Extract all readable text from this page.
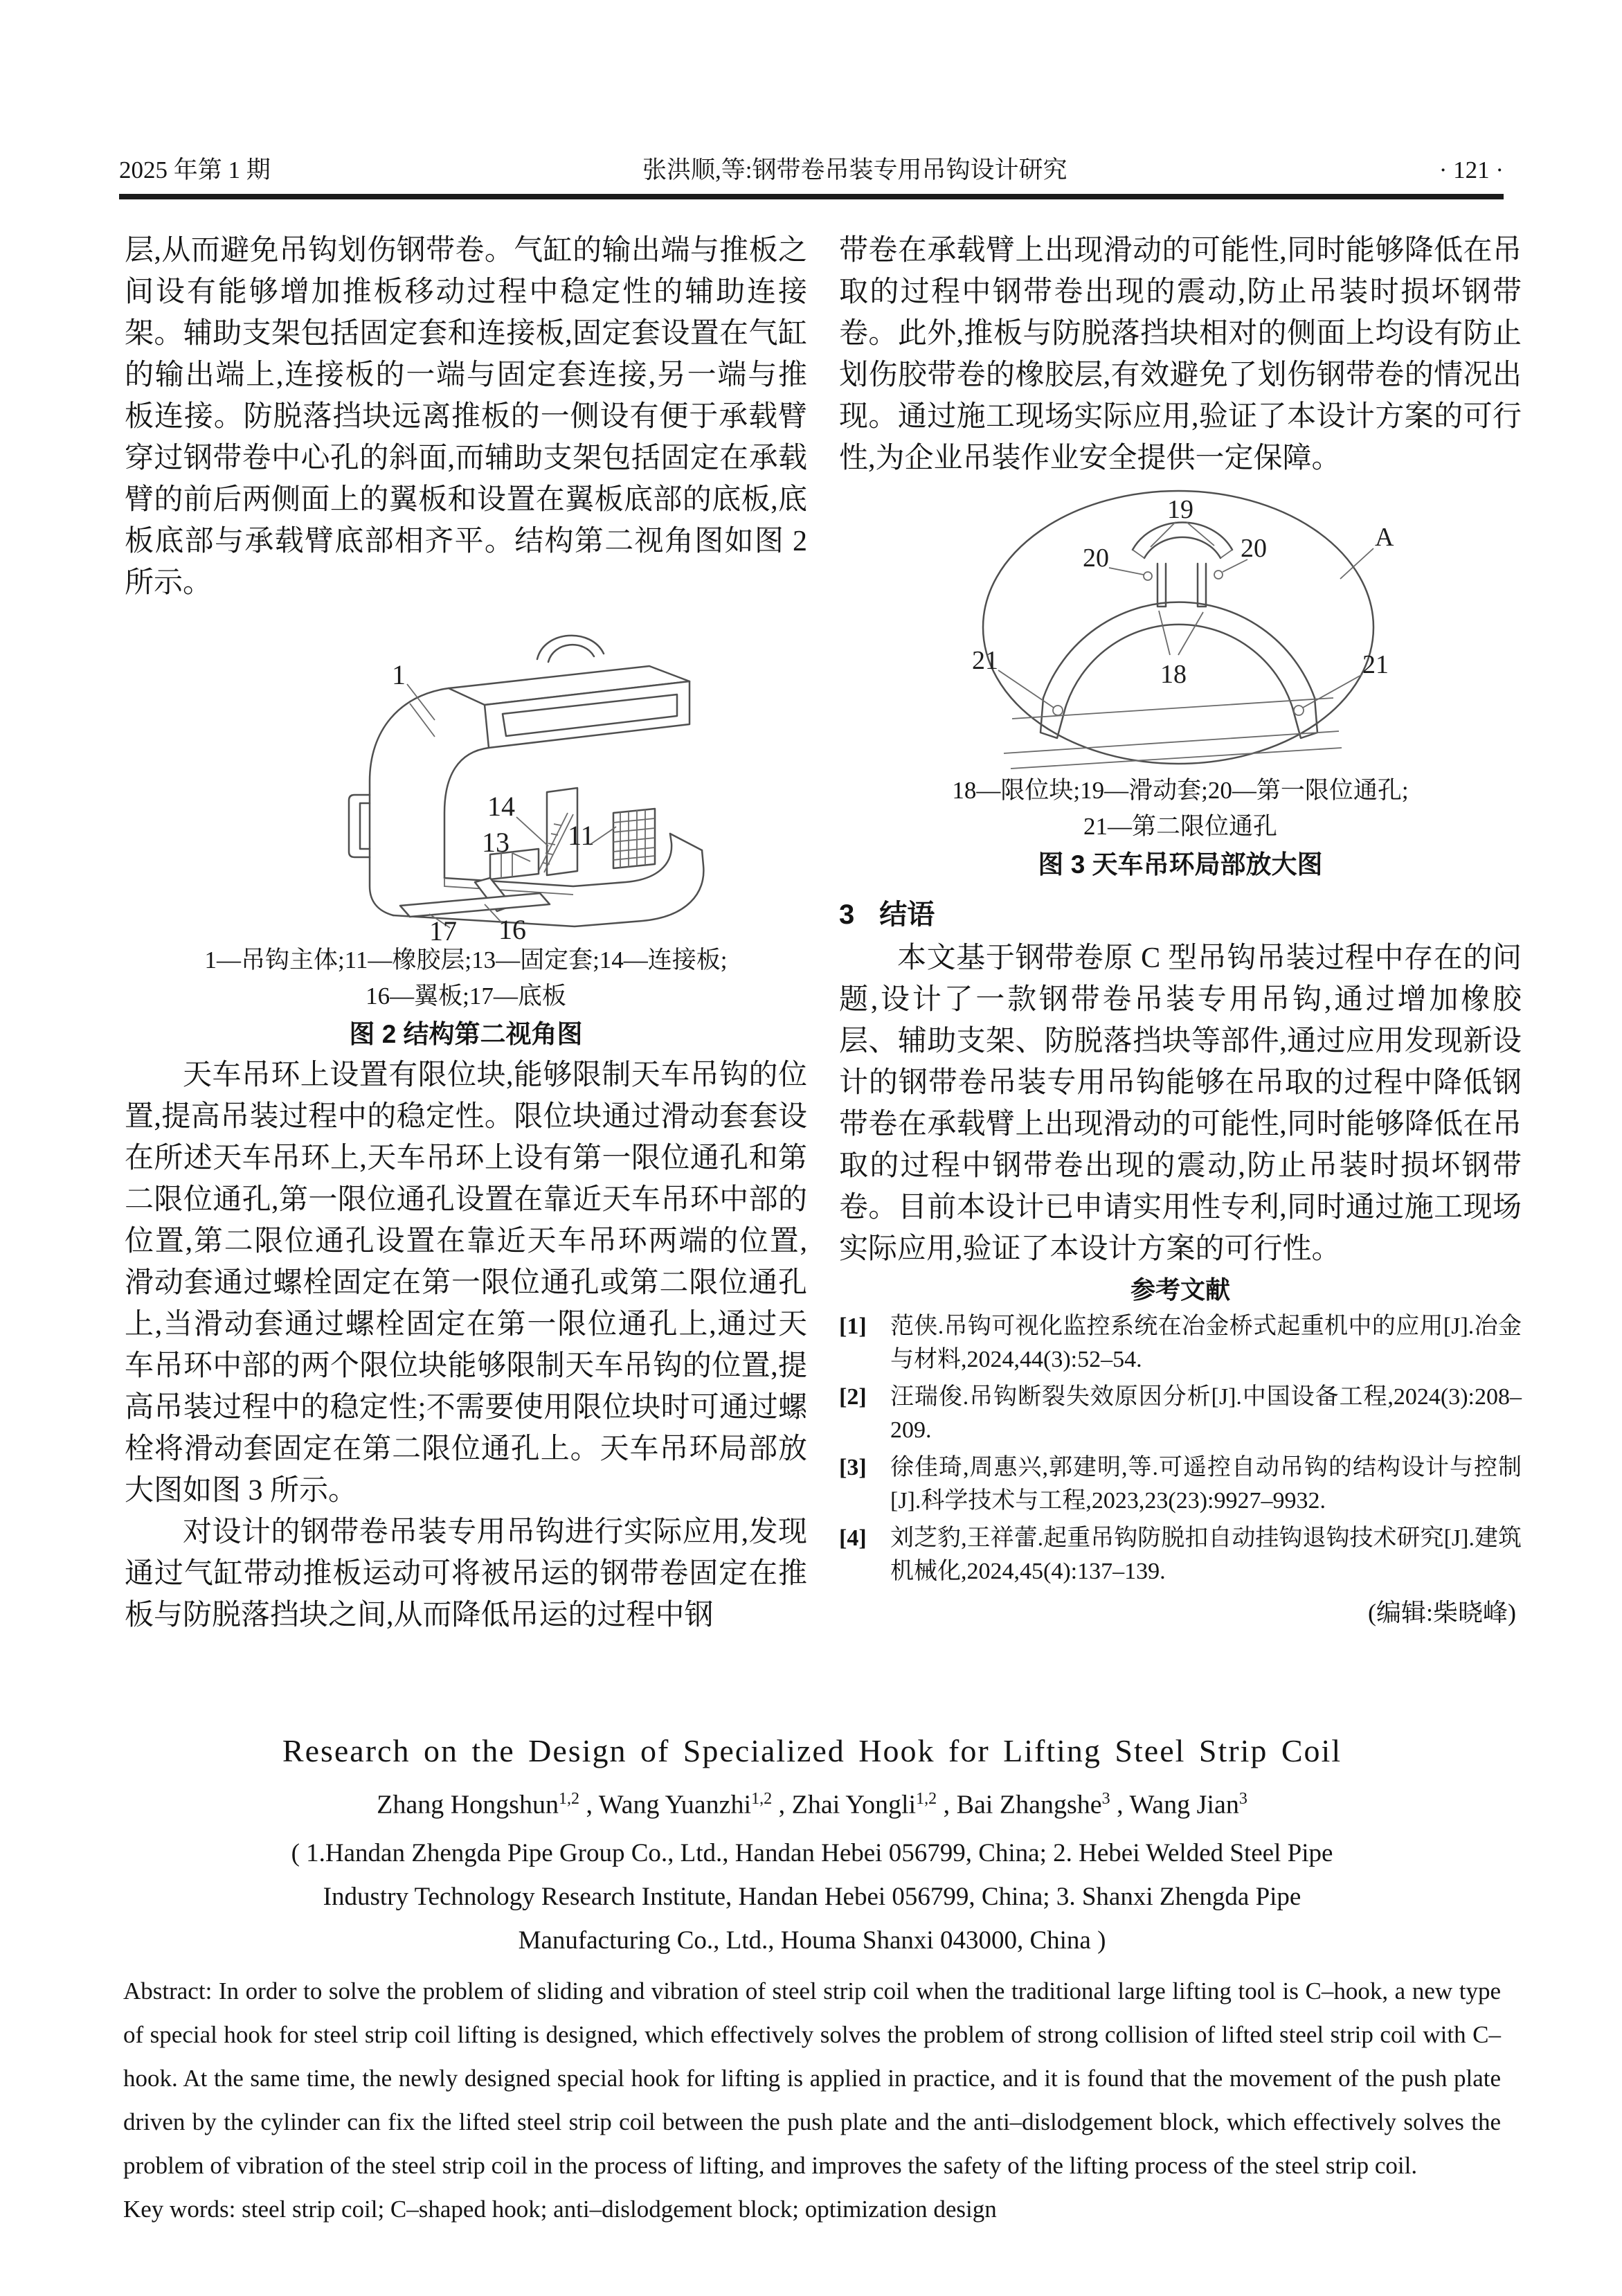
2025 年第 1 期	张洪顺,等:钢带卷吊装专用吊钩设计研究	· 121 ·

层,从而避免吊钩划伤钢带卷。气缸的输出端与推板之间设有能够增加推板移动过程中稳定性的辅助连接架。辅助支架包括固定套和连接板,固定套设置在气缸的输出端上,连接板的一端与固定套连接,另一端与推板连接。防脱落挡块远离推板的一侧设有便于承载臂穿过钢带卷中心孔的斜面,而辅助支架包括固定在承载臂的前后两侧面上的翼板和设置在翼板底部的底板,底板底部与承载臂底部相齐平。结构第二视角图如图 2 所示。

1
14
13 11
16
17
1—吊钩主体;11—橡胶层;13—固定套;14—连接板;
16—翼板;17—底板
图 2 结构第二视角图

天车吊环上设置有限位块,能够限制天车吊钩的位置,提高吊装过程中的稳定性。限位块通过滑动套套设在所述天车吊环上,天车吊环上设有第一限位通孔和第二限位通孔,第一限位通孔设置在靠近天车吊环中部的位置,第二限位通孔设置在靠近天车吊环两端的位置,滑动套通过螺栓固定在第一限位通孔或第二限位通孔上,当滑动套通过螺栓固定在第一限位通孔上,通过天车吊环中部的两个限位块能够限制天车吊钩的位置,提高吊装过程中的稳定性;不需要使用限位块时可通过螺栓将滑动套固定在第二限位通孔上。天车吊环局部放大图如图 3 所示。

对设计的钢带卷吊装专用吊钩进行实际应用,发现通过气缸带动推板运动可将被吊运的钢带卷固定在推板与防脱落挡块之间,从而降低吊运的过程中钢

带卷在承载臂上出现滑动的可能性,同时能够降低在吊取的过程中钢带卷出现的震动,防止吊装时损坏钢带卷。此外,推板与防脱落挡块相对的侧面上均设有防止划伤胶带卷的橡胶层,有效避免了划伤钢带卷的情况出现。通过施工现场实际应用,验证了本设计方案的可行性,为企业吊装作业安全提供一定保障。

19
20	20	A
21	21
18
18—限位块;19—滑动套;20—第一限位通孔;
21—第二限位通孔
图 3 天车吊环局部放大图
3 结语

本文基于钢带卷原 C 型吊钩吊装过程中存在的问题,设计了一款钢带卷吊装专用吊钩,通过增加橡胶层、辅助支架、防脱落挡块等部件,通过应用发现新设计的钢带卷吊装专用吊钩能够在吊取的过程中降低钢带卷在承载臂上出现滑动的可能性,同时能够降低在吊取的过程中钢带卷出现的震动,防止吊装时损坏钢带卷。目前本设计已申请实用性专利,同时通过施工现场实际应用,验证了本设计方案的可行性。

参考文献
[1] 范侠.吊钩可视化监控系统在冶金桥式起重机中的应用[J].冶金与材料,2024,44(3):52–54.
[2] 汪瑞俊.吊钩断裂失效原因分析[J].中国设备工程,2024(3):208–209.
[3] 徐佳琦,周惠兴,郭建明,等.可遥控自动吊钩的结构设计与控制[J].科学技术与工程,2023,23(23):9927–9932.
[4] 刘芝豹,王祥蕾.起重吊钩防脱扣自动挂钩退钩技术研究[J].建筑机械化,2024,45(4):137–139.
(编辑:柴晓峰)
Research on the Design of Specialized Hook for Lifting Steel Strip Coil
Zhang Hongshun$^{1,2}$ , Wang Yuanzhi$^{1,2}$ , Zhai Yongli$^{1,2}$ , Bai Zhangshe$^3$ , Wang Jian$^3$
( 1.Handan Zhengda Pipe Group Co., Ltd., Handan Hebei 056799, China; 2. Hebei Welded Steel Pipe
Industry Technology Research Institute, Handan Hebei 056799, China; 3. Shanxi Zhengda Pipe
Manufacturing Co., Ltd., Houma Shanxi 043000, China )
Abstract: In order to solve the problem of sliding and vibration of steel strip coil when the traditional large lifting tool is C–hook, a new type of special hook for steel strip coil lifting is designed, which effectively solves the problem of strong collision of lifted steel strip coil with C–hook. At the same time, the newly designed special hook for lifting is applied in practice, and it is found that the movement of the push plate driven by the cylinder can fix the lifted steel strip coil between the push plate and the anti–dislodgement block, which effectively solves the problem of vibration of the steel strip coil in the process of lifting, and improves the safety of the lifting process of the steel strip coil.
Key words: steel strip coil; C–shaped hook; anti–dislodgement block; optimization design
